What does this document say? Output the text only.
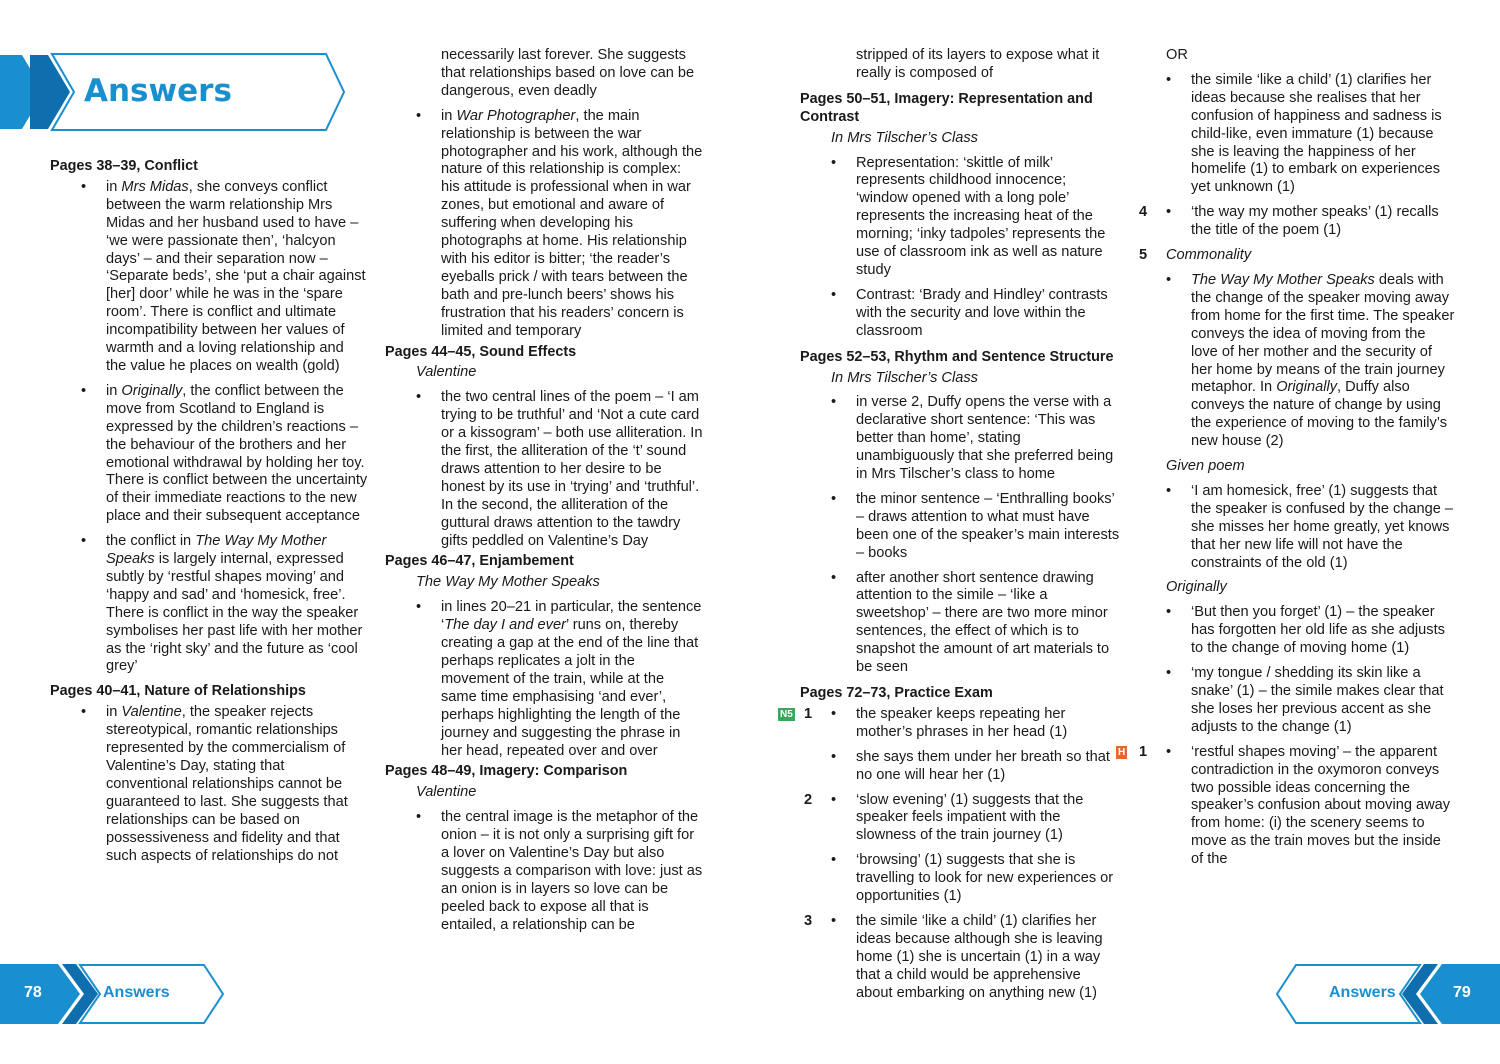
Answers
Pages 38–39, Conflict
• in Mrs Midas, she conveys conflict between the warm relationship Mrs Midas and her husband used to have – ‘we were passionate then’, ‘halcyon days’ – and their separation now – ‘Separate beds’, she ‘put a chair against [her] door’ while he was in the ‘spare room’. There is conflict and ultimate incompatibility between her values of warmth and a loving relationship and the value he places on wealth (gold)
• in Originally, the conflict between the move from Scotland to England is expressed by the children’s reactions – the behaviour of the brothers and her emotional withdrawal by holding her toy. There is conflict between the uncertainty of their immediate reactions to the new place and their subsequent acceptance
• the conflict in The Way My Mother Speaks is largely internal, expressed subtly by ‘restful shapes moving’ and ‘happy and sad’ and ‘homesick, free’. There is conflict in the way the speaker symbolises her past life with her mother as the ‘right sky’ and the future as ‘cool grey’
Pages 40–41, Nature of Relationships
• in Valentine, the speaker rejects stereotypical, romantic relationships represented by the commercialism of Valentine’s Day, stating that conventional relationships cannot be guaranteed to last. She suggests that relationships can be based on possessiveness and fidelity and that such aspects of relationships do not
necessarily last forever. She suggests that relationships based on love can be dangerous, even deadly
• in War Photographer, the main relationship is between the war photographer and his work, although the nature of this relationship is complex: his attitude is professional when in war zones, but emotional and aware of suffering when developing his photographs at home. His relationship with his editor is bitter; ‘the reader’s eyeballs prick / with tears between the bath and pre-lunch beers’ shows his frustration that his readers’ concern is limited and temporary
Pages 44–45, Sound Effects
Valentine
• the two central lines of the poem – ‘I am trying to be truthful’ and ‘Not a cute card or a kissogram’ – both use alliteration. In the first, the alliteration of the ‘t’ sound draws attention to her desire to be honest by its use in ‘trying’ and ‘truthful’. In the second, the alliteration of the guttural draws attention to the tawdry gifts peddled on Valentine’s Day
Pages 46–47, Enjambement
The Way My Mother Speaks
• in lines 20–21 in particular, the sentence ‘The day I and ever’ runs on, thereby creating a gap at the end of the line that perhaps replicates a jolt in the movement of the train, while at the same time emphasising ‘and ever’, perhaps highlighting the length of the journey and suggesting the phrase in her head, repeated over and over
Pages 48–49, Imagery: Comparison
Valentine
• the central image is the metaphor of the onion – it is not only a surprising gift for a lover on Valentine’s Day but also suggests a comparison with love: just as an onion is in layers so love can be peeled back to expose all that is entailed, a relationship can be
stripped of its layers to expose what it really is composed of
Pages 50–51, Imagery: Representation and Contrast
In Mrs Tilscher’s Class
• Representation: ‘skittle of milk’ represents childhood innocence; ‘window opened with a long pole’ represents the increasing heat of the morning; ‘inky tadpoles’ represents the use of classroom ink as well as nature study
• Contrast: ‘Brady and Hindley’ contrasts with the security and love within the classroom
Pages 52–53, Rhythm and Sentence Structure
In Mrs Tilscher’s Class
• in verse 2, Duffy opens the verse with a declarative short sentence: ‘This was better than home’, stating unambiguously that she preferred being in Mrs Tilscher’s class to home
• the minor sentence – ‘Enthralling books’ – draws attention to what must have been one of the speaker’s main interests – books
• after another short sentence drawing attention to the simile – ‘like a sweetshop’ – there are two more minor sentences, the effect of which is to snapshot the amount of art materials to be seen
Pages 72–73, Practice Exam
N5 1 • the speaker keeps repeating her mother’s phrases in her head (1)
• she says them under her breath so that no one will hear her (1)
2 • ‘slow evening’ (1) suggests that the speaker feels impatient with the slowness of the train journey (1)
• ‘browsing’ (1) suggests that she is travelling to look for new experiences or opportunities (1)
3 • the simile ‘like a child’ (1) clarifies her ideas because although she is leaving home (1) she is uncertain (1) in a way that a child would be apprehensive about embarking on anything new (1)
OR
• the simile ‘like a child’ (1) clarifies her ideas because she realises that her confusion of happiness and sadness is child-like, even immature (1) because she is leaving the happiness of her homelife (1) to embark on experiences yet unknown (1)
4 • ‘the way my mother speaks’ (1) recalls the title of the poem (1)
5 Commonality
• The Way My Mother Speaks deals with the change of the speaker moving away from home for the first time. The speaker conveys the idea of moving from the love of her mother and the security of her home by means of the train journey metaphor. In Originally, Duffy also conveys the nature of change by using the experience of moving to the family’s new house (2)
Given poem
• ‘I am homesick, free’ (1) suggests that the speaker is confused by the change – she misses her home greatly, yet knows that her new life will not have the constraints of the old (1)
Originally
• ‘But then you forget’ (1) – the speaker has forgotten her old life as she adjusts to the change of moving home (1)
• ‘my tongue / shedding its skin like a snake’ (1) – the simile makes clear that she loses her previous accent as she adjusts to the change (1)
H 1 • ‘restful shapes moving’ – the apparent contradiction in the oxymoron conveys two possible ideas concerning the speaker’s confusion about moving away from home: (i) the scenery seems to move as the train moves but the inside of the
78	Answers	Answers	79
